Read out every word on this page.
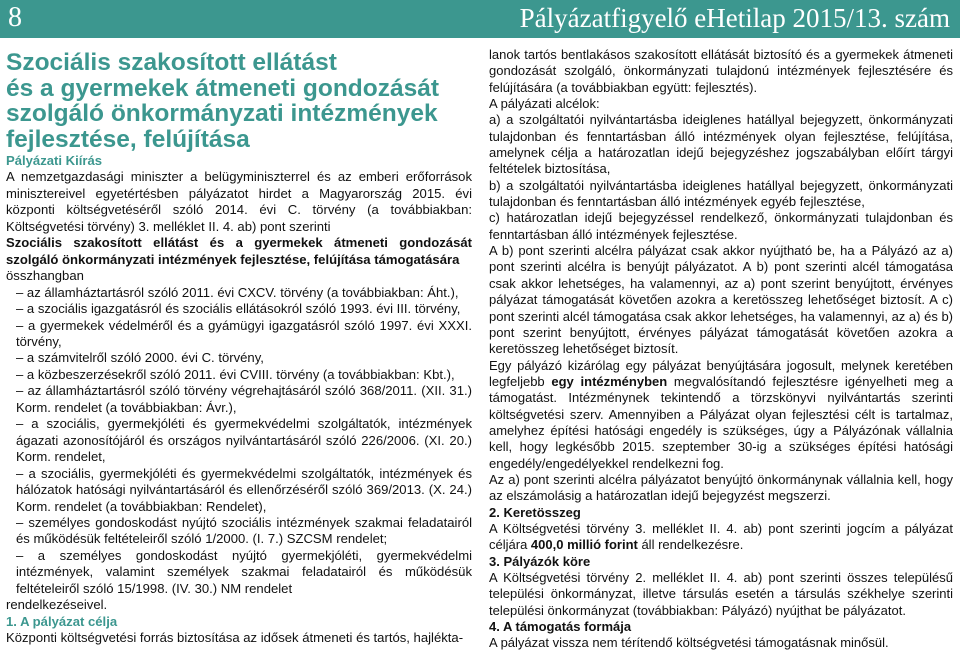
8	Pályázatfigyelő eHetilap 2015/13. szám
Szociális szakosított ellátást
és a gyermekek átmeneti gondozását
szolgáló önkormányzati intézmények
fejlesztése, felújítása

Pályázati Kiírás

A nemzetgazdasági miniszter a belügyminiszterrel és az emberi erőforrások minisztereivel egyetértésben pályázatot hirdet a Magyarország 2015. évi központi költségvetéséről szóló 2014. évi C. törvény (a továbbiakban: Költségvetési törvény) 3. melléklet II. 4. ab) pont szerinti

Szociális szakosított ellátást és a gyermekek átmeneti gondozását szolgáló önkormányzati intézmények fejlesztése, felújítása támogatására

összhangban

– az államháztartásról szóló 2011. évi CXCV. törvény (a továbbiakban: Áht.),

– a szociális igazgatásról és szociális ellátásokról szóló 1993. évi III. törvény,

– a gyermekek védelméről és a gyámügyi igazgatásról szóló 1997. évi XXXI. törvény,

– a számvitelről szóló 2000. évi C. törvény,

– a közbeszerzésekről szóló 2011. évi CVIII. törvény (a továbbiakban: Kbt.),

– az államháztartásról szóló törvény végrehajtásáról szóló 368/2011. (XII. 31.) Korm. rendelet (a továbbiakban: Ávr.),

– a szociális, gyermekjóléti és gyermekvédelmi szolgáltatók, intézmények ágazati azonosítójáról és országos nyilvántartásáról szóló 226/2006. (XI. 20.) Korm. rendelet,

– a szociális, gyermekjóléti és gyermekvédelmi szolgáltatók, intézmények és hálózatok hatósági nyilvántartásáról és ellenőrzéséről szóló 369/2013. (X. 24.) Korm. rendelet (a továbbiakban: Rendelet),

– személyes gondoskodást nyújtó szociális intézmények szakmai feladatairól és működésük feltételeiről szóló 1/2000. (I. 7.) SZCSM rendelet;

– a személyes gondoskodást nyújtó gyermekjóléti, gyermekvédelmi intézmények, valamint személyek szakmai feladatairól és működésük feltételeiről szóló 15/1998. (IV. 30.) NM rendelet

rendelkezéseivel.

1. A pályázat célja

Központi költségvetési forrás biztosítása az idősek átmeneti és tartós, hajlékta-

lanok tartós bentlakásos szakosított ellátását biztosító és a gyermekek átmeneti gondozását szolgáló, önkormányzati tulajdonú intézmények fejlesztésére és felújítására (a továbbiakban együtt: fejlesztés).

A pályázati alcélok:

a) a szolgáltatói nyilvántartásba ideiglenes hatállyal bejegyzett, önkormányzati tulajdonban és fenntartásban álló intézmények olyan fejlesztése, felújítása, amelynek célja a határozatlan idejű bejegyzéshez jogszabályban előírt tárgyi feltételek biztosítása,

b) a szolgáltatói nyilvántartásba ideiglenes hatállyal bejegyzett, önkormányzati tulajdonban és fenntartásban álló intézmények egyéb fejlesztése,

c) határozatlan idejű bejegyzéssel rendelkező, önkormányzati tulajdonban és fenntartásban álló intézmények fejlesztése.

A b) pont szerinti alcélra pályázat csak akkor nyújtható be, ha a Pályázó az a) pont szerinti alcélra is benyújt pályázatot. A b) pont szerinti alcél támogatása csak akkor lehetséges, ha valamennyi, az a) pont szerint benyújtott, érvényes pályázat támogatását követően azokra a keretösszeg lehetőséget biztosít. A c) pont szerinti alcél támogatása csak akkor lehetséges, ha valamennyi, az a) és b) pont szerint benyújtott, érvényes pályázat támogatását követően azokra a keretösszeg lehetőséget biztosít.

Egy pályázó kizárólag egy pályázat benyújtására jogosult, melynek keretében legfeljebb egy intézményben megvalósítandó fejlesztésre igényelheti meg a támogatást. Intézménynek tekintendő a törzskönyvi nyilvántartás szerinti költségvetési szerv. Amennyiben a Pályázat olyan fejlesztési célt is tartalmaz, amelyhez építési hatósági engedély is szükséges, úgy a Pályázónak vállalnia kell, hogy legkésőbb 2015. szeptember 30-ig a szükséges építési hatósági engedély/engedélyekkel rendelkezni fog.

Az a) pont szerinti alcélra pályázatot benyújtó önkormánynak vállalnia kell, hogy az elszámolásig a határozatlan idejű bejegyzést megszerzi.

2. Keretösszeg

A Költségvetési törvény 3. melléklet II. 4. ab) pont szerinti jogcím a pályázat céljára 400,0 millió forint áll rendelkezésre.

3. Pályázók köre

A Költségvetési törvény 2. melléklet II. 4. ab) pont szerinti összes településű települési önkormányzat, illetve társulás esetén a társulás székhelye szerinti települési önkormányzat (továbbiakban: Pályázó) nyújthat be pályázatot.

4. A támogatás formája

A pályázat vissza nem térítendő költségvetési támogatásnak minősül.
